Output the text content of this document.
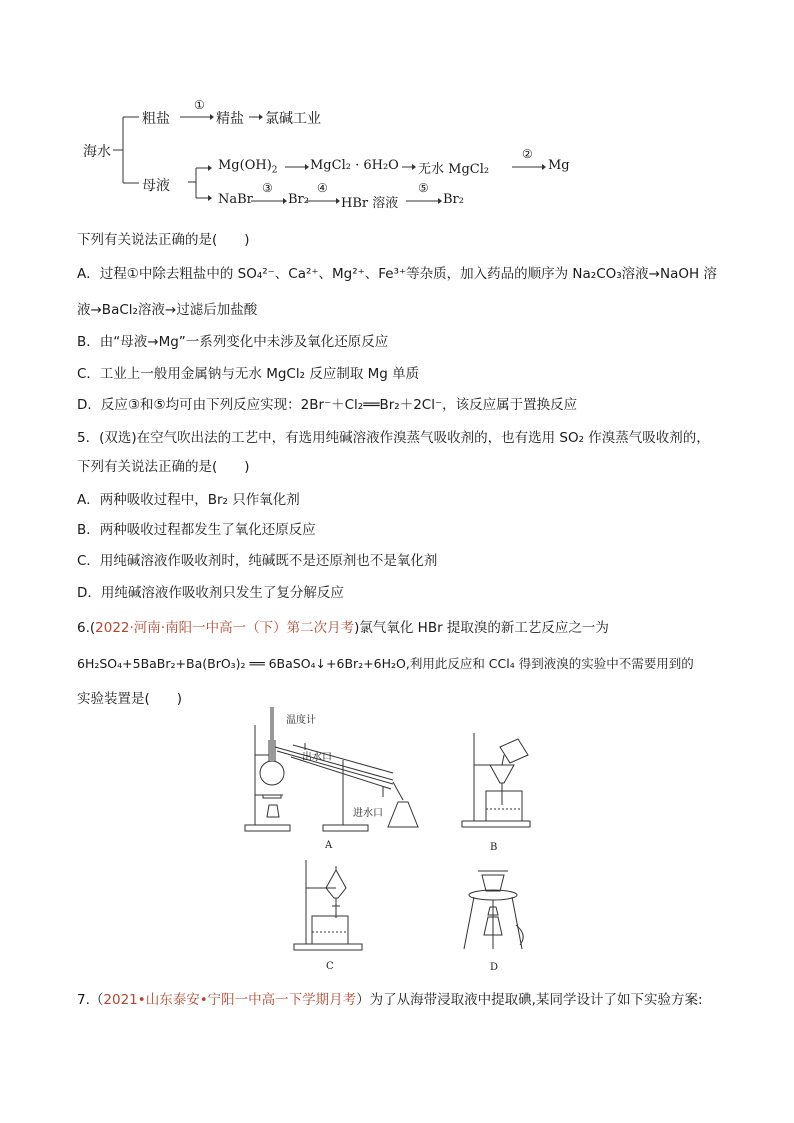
海水
粗盐
①
精盐 氯碱工业
母液
$Mg(OH)_2$ MgCl₂ · 6H₂O 无水 MgCl₂
②
Mg
NaBr
③
Br₂
④
HBr 溶液
⑤
Br₂
下列有关说法正确的是(　　)
A．过程①中除去粗盐中的 SO₄²⁻、Ca²⁺、Mg²⁺、Fe³⁺等杂质，加入药品的顺序为 Na₂CO₃溶液→NaOH 溶
液→BaCl₂溶液→过滤后加盐酸
B．由“母液→Mg”一系列变化中未涉及氧化还原反应
C．工业上一般用金属钠与无水 MgCl₂ 反应制取 Mg 单质
D．反应③和⑤均可由下列反应实现：2Br⁻＋Cl₂══Br₂＋2Cl⁻，该反应属于置换反应
5．(双选)在空气吹出法的工艺中，有选用纯碱溶液作溴蒸气吸收剂的，也有选用 SO₂ 作溴蒸气吸收剂的，
下列有关说法正确的是(　　)
A．两种吸收过程中，Br₂ 只作氧化剂
B．两种吸收过程都发生了氧化还原反应
C．用纯碱溶液作吸收剂时，纯碱既不是还原剂也不是氧化剂
D．用纯碱溶液作吸收剂只发生了复分解反应
6.(2022·河南·南阳一中高一（下）第二次月考)氯气氧化 HBr 提取溴的新工艺反应之一为
6H₂SO₄+5BaBr₂+Ba(BrO₃)₂ ══ 6BaSO₄↓+6Br₂+6H₂O,利用此反应和 CCl₄ 得到液溴的实验中不需要用到的
实验装置是(　　)
温度计
出水口
进水口
A	B
C	D
7.（2021•山东泰安•宁阳一中高一下学期月考）为了从海带浸取液中提取碘,某同学设计了如下实验方案:
